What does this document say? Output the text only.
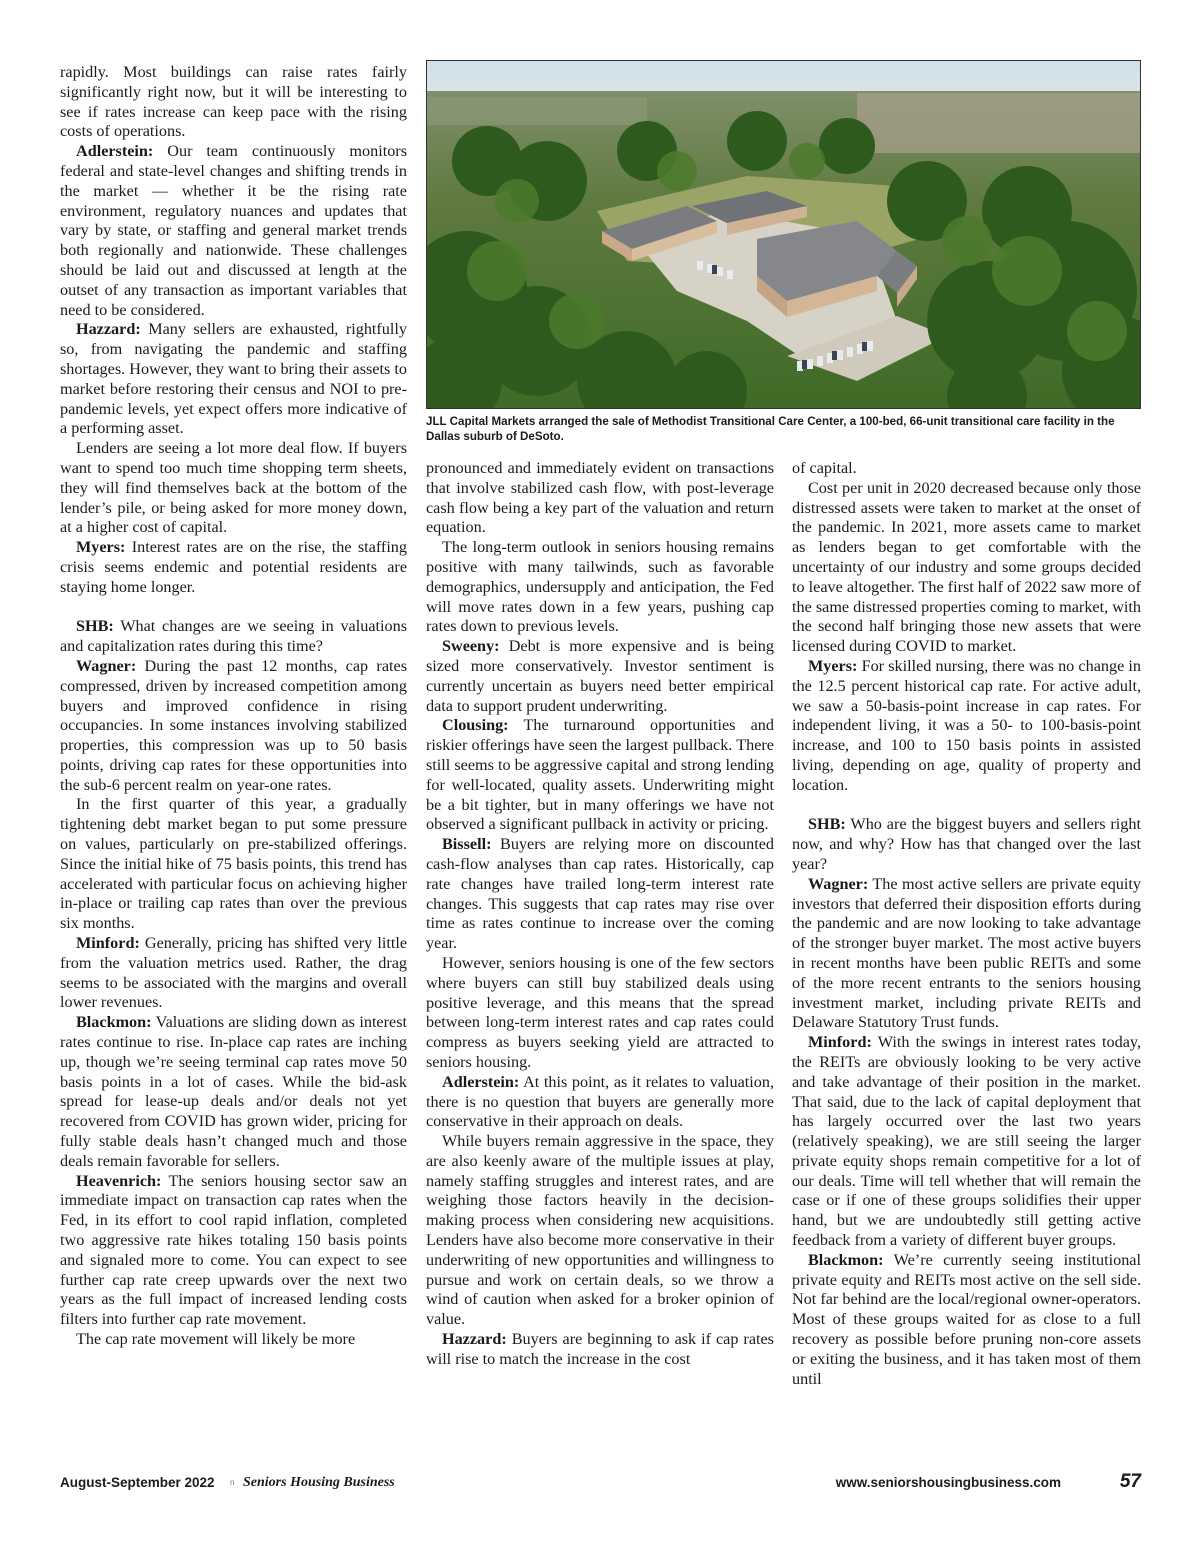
rapidly. Most buildings can raise rates fairly significantly right now, but it will be interesting to see if rates increase can keep pace with the rising costs of operations.

Adlerstein: Our team continuously monitors federal and state-level changes and shifting trends in the market — whether it be the rising rate environment, regulatory nuances and updates that vary by state, or staffing and general market trends both regionally and nationwide. These challenges should be laid out and discussed at length at the outset of any transaction as important variables that need to be considered.

Hazzard: Many sellers are exhausted, rightfully so, from navigating the pandemic and staffing shortages. However, they want to bring their assets to market before restoring their census and NOI to pre-pandemic levels, yet expect offers more indicative of a performing asset.

Lenders are seeing a lot more deal flow. If buyers want to spend too much time shopping term sheets, they will find themselves back at the bottom of the lender’s pile, or being asked for more money down, at a higher cost of capital.

Myers: Interest rates are on the rise, the staffing crisis seems endemic and potential residents are staying home longer.

SHB: What changes are we seeing in valuations and capitalization rates during this time?

Wagner: During the past 12 months, cap rates compressed, driven by increased competition among buyers and improved confidence in rising occupancies. In some instances involving stabilized properties, this compression was up to 50 basis points, driving cap rates for these opportunities into the sub-6 percent realm on year-one rates.

In the first quarter of this year, a gradually tightening debt market began to put some pressure on values, particularly on pre-stabilized offerings. Since the initial hike of 75 basis points, this trend has accelerated with particular focus on achieving higher in-place or trailing cap rates than over the previous six months.

Minford: Generally, pricing has shifted very little from the valuation metrics used. Rather, the drag seems to be associated with the margins and overall lower revenues.

Blackmon: Valuations are sliding down as interest rates continue to rise. In-place cap rates are inching up, though we’re seeing terminal cap rates move 50 basis points in a lot of cases. While the bid-ask spread for lease-up deals and/or deals not yet recovered from COVID has grown wider, pricing for fully stable deals hasn’t changed much and those deals remain favorable for sellers.

Heavenrich: The seniors housing sector saw an immediate impact on transaction cap rates when the Fed, in its effort to cool rapid inflation, completed two aggressive rate hikes totaling 150 basis points and signaled more to come. You can expect to see further cap rate creep upwards over the next two years as the full impact of increased lending costs filters into further cap rate movement.

The cap rate movement will likely be more

JLL Capital Markets arranged the sale of Methodist Transitional Care Center, a 100-bed, 66-unit transitional care facility in the Dallas suburb of DeSoto.

pronounced and immediately evident on transactions that involve stabilized cash flow, with post-leverage cash flow being a key part of the valuation and return equation.

The long-term outlook in seniors housing remains positive with many tailwinds, such as favorable demographics, undersupply and anticipation, the Fed will move rates down in a few years, pushing cap rates down to previous levels.

Sweeny: Debt is more expensive and is being sized more conservatively. Investor sentiment is currently uncertain as buyers need better empirical data to support prudent underwriting.

Clousing: The turnaround opportunities and riskier offerings have seen the largest pullback. There still seems to be aggressive capital and strong lending for well-located, quality assets. Underwriting might be a bit tighter, but in many offerings we have not observed a significant pullback in activity or pricing.

Bissell: Buyers are relying more on discounted cash-flow analyses than cap rates. Historically, cap rate changes have trailed long-term interest rate changes. This suggests that cap rates may rise over time as rates continue to increase over the coming year.

However, seniors housing is one of the few sectors where buyers can still buy stabilized deals using positive leverage, and this means that the spread between long-term interest rates and cap rates could compress as buyers seeking yield are attracted to seniors housing.

Adlerstein: At this point, as it relates to valuation, there is no question that buyers are generally more conservative in their approach on deals.

While buyers remain aggressive in the space, they are also keenly aware of the multiple issues at play, namely staffing struggles and interest rates, and are weighing those factors heavily in the decision-making process when considering new acquisitions. Lenders have also become more conservative in their underwriting of new opportunities and willingness to pursue and work on certain deals, so we throw a wind of caution when asked for a broker opinion of value.

Hazzard: Buyers are beginning to ask if cap rates will rise to match the increase in the cost

of capital.

Cost per unit in 2020 decreased because only those distressed assets were taken to market at the onset of the pandemic. In 2021, more assets came to market as lenders began to get comfortable with the uncertainty of our industry and some groups decided to leave altogether. The first half of 2022 saw more of the same distressed properties coming to market, with the second half bringing those new assets that were licensed during COVID to market.

Myers: For skilled nursing, there was no change in the 12.5 percent historical cap rate. For active adult, we saw a 50-basis-point increase in cap rates. For independent living, it was a 50- to 100-basis-point increase, and 100 to 150 basis points in assisted living, depending on age, quality of property and location.

SHB: Who are the biggest buyers and sellers right now, and why? How has that changed over the last year?

Wagner: The most active sellers are private equity investors that deferred their disposition efforts during the pandemic and are now looking to take advantage of the stronger buyer market. The most active buyers in recent months have been public REITs and some of the more recent entrants to the seniors housing investment market, including private REITs and Delaware Statutory Trust funds.

Minford: With the swings in interest rates today, the REITs are obviously looking to be very active and take advantage of their position in the market. That said, due to the lack of capital deployment that has largely occurred over the last two years (relatively speaking), we are still seeing the larger private equity shops remain competitive for a lot of our deals. Time will tell whether that will remain the case or if one of these groups solidifies their upper hand, but we are undoubtedly still getting active feedback from a variety of different buyer groups.

Blackmon: We’re currently seeing institutional private equity and REITs most active on the sell side. Not far behind are the local/regional owner-operators. Most of these groups waited for as close to a full recovery as possible before pruning non-core assets or exiting the business, and it has taken most of them until

August-September 2022 n Seniors Housing Business	www.seniorshousingbusiness.com	57
